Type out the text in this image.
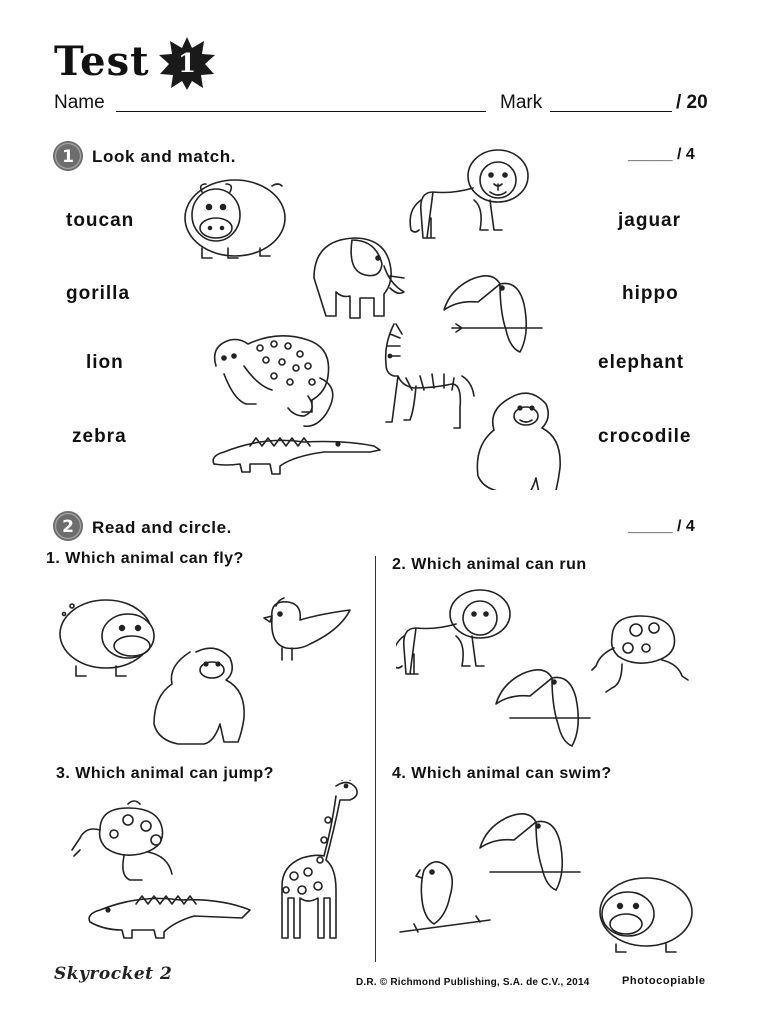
Test 1
Name	Mark	/ 20
1 Look and match.	_____ / 4
toucan
gorilla
lion
zebra
jaguar
hippo
elephant
crocodile
2 Read and circle.	_____ / 4
1. Which animal can fly?	2. Which animal can run
3. Which animal can jump?	4. Which animal can swim?
Skyrocket 2	D.R. © Richmond Publishing, S.A. de C.V., 2014	Photocopiable
